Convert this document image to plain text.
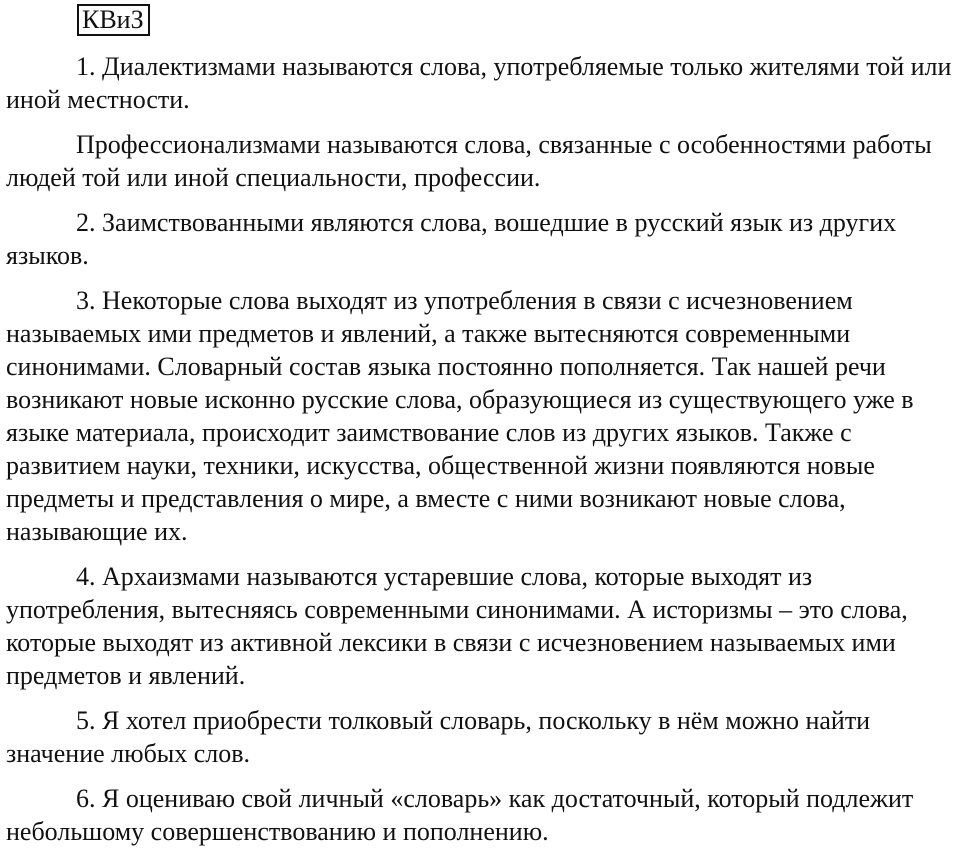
КВиЗ

1. Диалектизмами называются слова, употребляемые только жителями той или иной местности.

Профессионализмами называются слова, связанные с особенностями работы людей той или иной специальности, профессии.

2. Заимствованными являются слова, вошедшие в русский язык из других языков.

3. Некоторые слова выходят из употребления в связи с исчезновением называемых ими предметов и явлений, а также вытесняются современными синонимами. Словарный состав языка постоянно пополняется. Так нашей речи возникают новые исконно русские слова, образующиеся из существующего уже в языке материала, происходит заимствование слов из других языков. Также с развитием науки, техники, искусства, общественной жизни появляются новые предметы и представления о мире, а вместе с ними возникают новые слова, называющие их.

4. Архаизмами называются устаревшие слова, которые выходят из употребления, вытесняясь современными синонимами. А историзмы – это слова, которые выходят из активной лексики в связи с исчезновением называемых ими предметов и явлений.

5. Я хотел приобрести толковый словарь, поскольку в нём можно найти значение любых слов.

6. Я оцениваю свой личный «словарь» как достаточный, который подлежит небольшому совершенствованию и пополнению.
